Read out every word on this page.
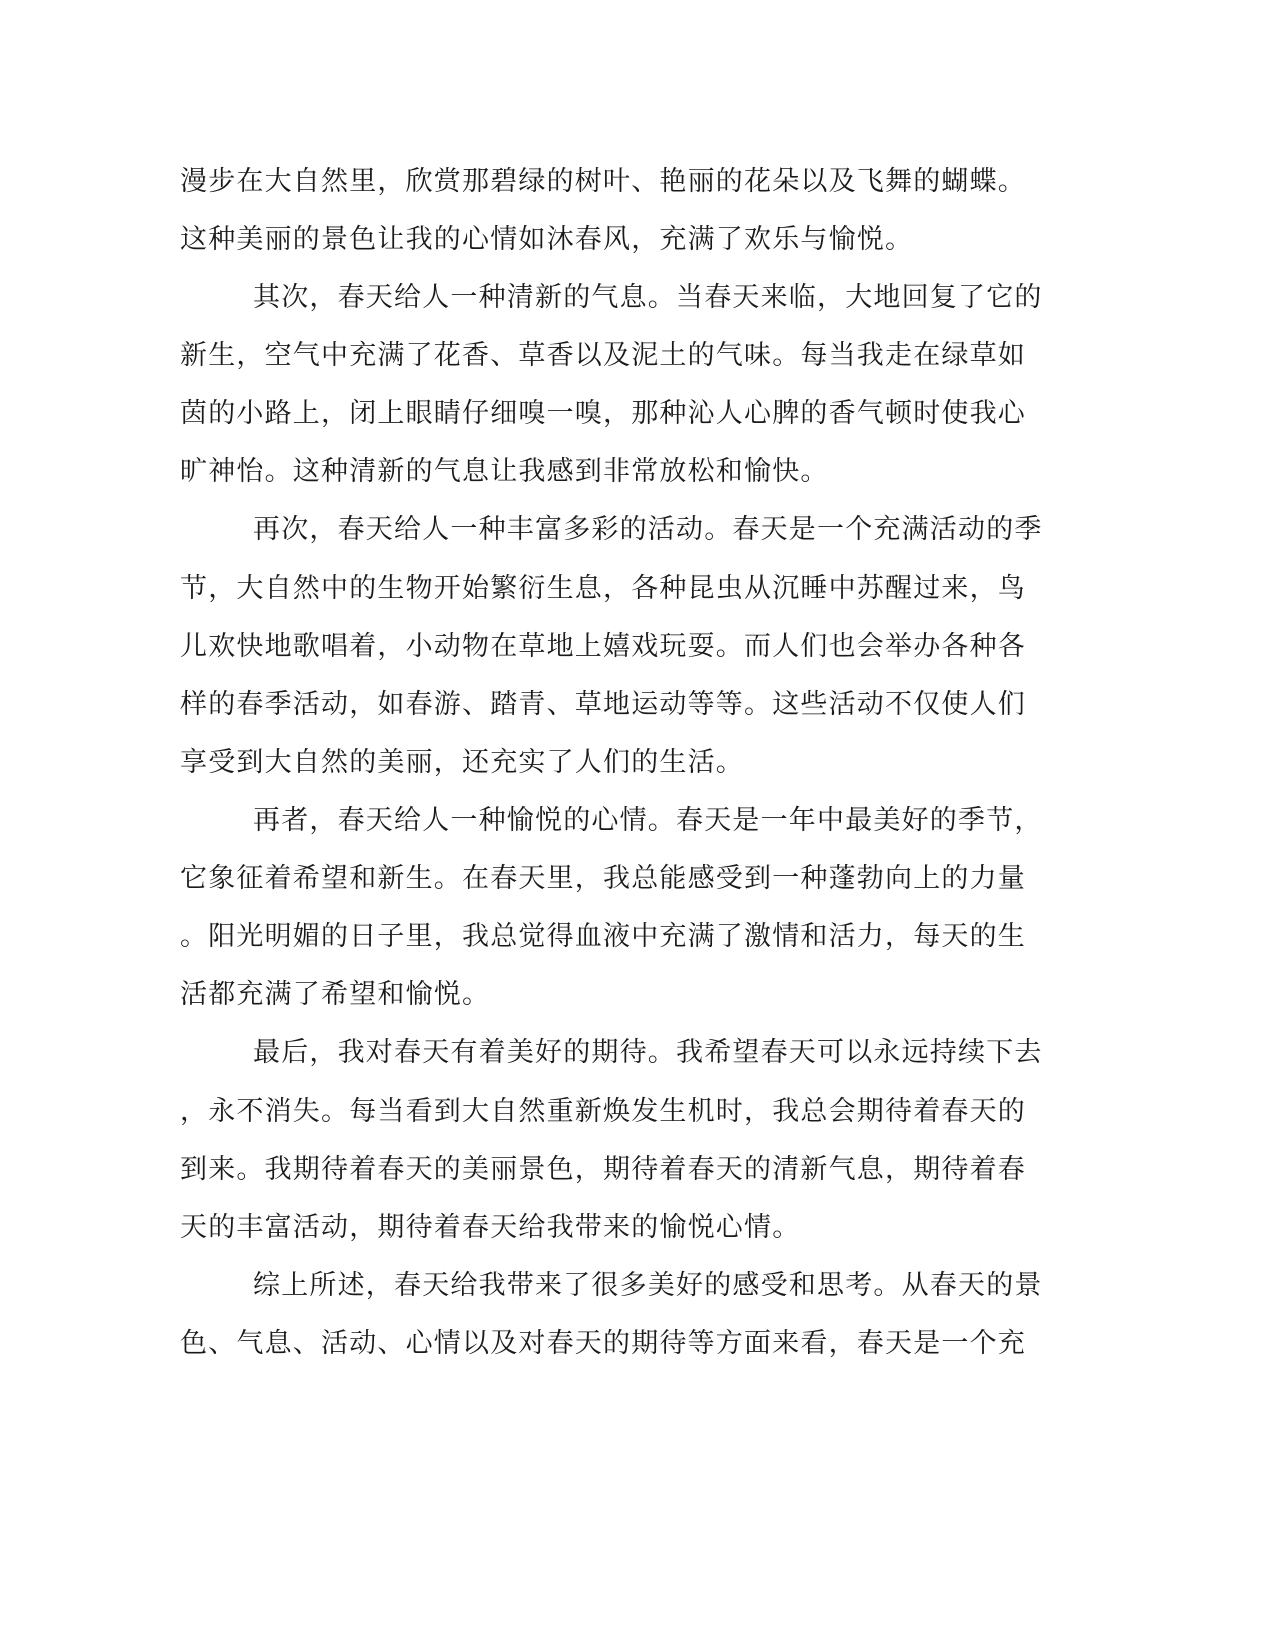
漫步在大自然里，欣赏那碧绿的树叶、艳丽的花朵以及飞舞的蝴蝶。
这种美丽的景色让我的心情如沐春风，充满了欢乐与愉悦。
其次，春天给人一种清新的气息。当春天来临，大地回复了它的
新生，空气中充满了花香、草香以及泥土的气味。每当我走在绿草如
茵的小路上，闭上眼睛仔细嗅一嗅，那种沁人心脾的香气顿时使我心
旷神怡。这种清新的气息让我感到非常放松和愉快。
再次，春天给人一种丰富多彩的活动。春天是一个充满活动的季
节，大自然中的生物开始繁衍生息，各种昆虫从沉睡中苏醒过来，鸟
儿欢快地歌唱着，小动物在草地上嬉戏玩耍。而人们也会举办各种各
样的春季活动，如春游、踏青、草地运动等等。这些活动不仅使人们
享受到大自然的美丽，还充实了人们的生活。
再者，春天给人一种愉悦的心情。春天是一年中最美好的季节，
它象征着希望和新生。在春天里，我总能感受到一种蓬勃向上的力量
。阳光明媚的日子里，我总觉得血液中充满了激情和活力，每天的生
活都充满了希望和愉悦。
最后，我对春天有着美好的期待。我希望春天可以永远持续下去
，永不消失。每当看到大自然重新焕发生机时，我总会期待着春天的
到来。我期待着春天的美丽景色，期待着春天的清新气息，期待着春
天的丰富活动，期待着春天给我带来的愉悦心情。
综上所述，春天给我带来了很多美好的感受和思考。从春天的景
色、气息、活动、心情以及对春天的期待等方面来看，春天是一个充
